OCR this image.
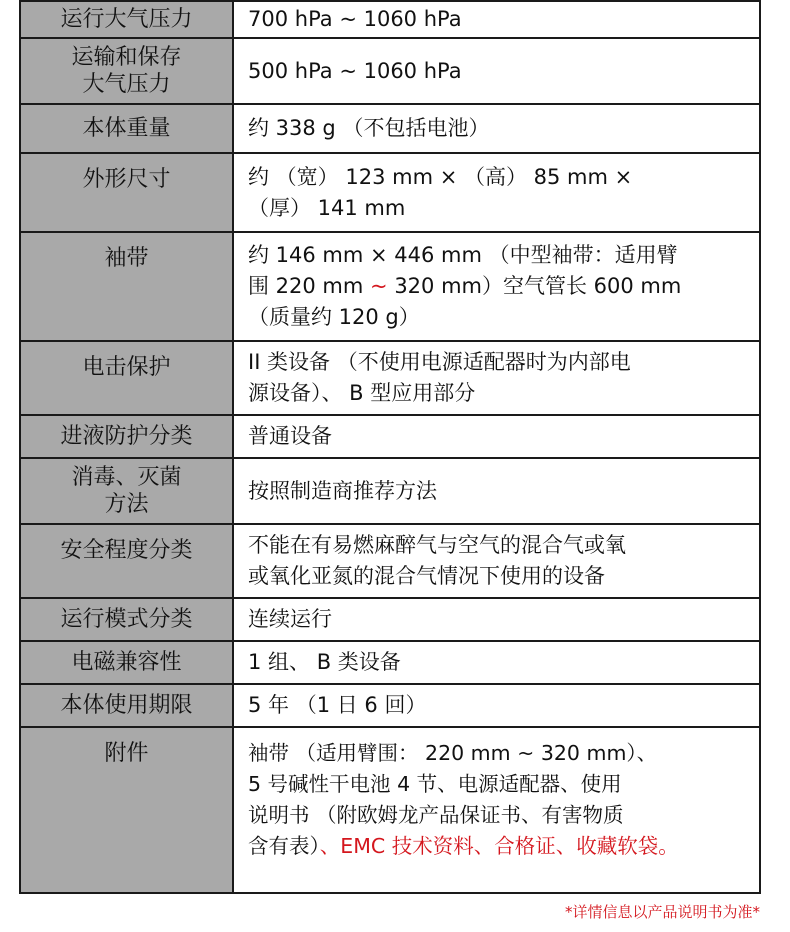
运行大气压力	700 hPa ~ 1060 hPa
运输和保存
大气压力	500 hPa ~ 1060 hPa
本体重量	约 338 g （不包括电池）
外形尺寸	约 （宽） 123 mm × （高） 85 mm ×
（厚） 141 mm
袖带	约 146 mm × 446 mm （中型袖带：适用臂
围 220 mm ~ 320 mm）空气管长 600 mm
（质量约 120 g）
电击保护	II 类设备 （不使用电源适配器时为内部电
源设备）、 B 型应用部分
进液防护分类	普通设备
消毒、灭菌
方法	按照制造商推荐方法
安全程度分类	不能在有易燃麻醉气与空气的混合气或氧
或氧化亚氮的混合气情况下使用的设备
运行模式分类	连续运行
电磁兼容性	1 组、 B 类设备
本体使用期限	5 年 （1 日 6 回）
附件	袖带 （适用臂围： 220 mm ~ 320 mm）、
5 号碱性干电池 4 节、电源适配器、使用
说明书 （附欧姆龙产品保证书、有害物质
含有表）、EMC 技术资料、合格证、收藏软袋。
*详情信息以产品说明书为准*
